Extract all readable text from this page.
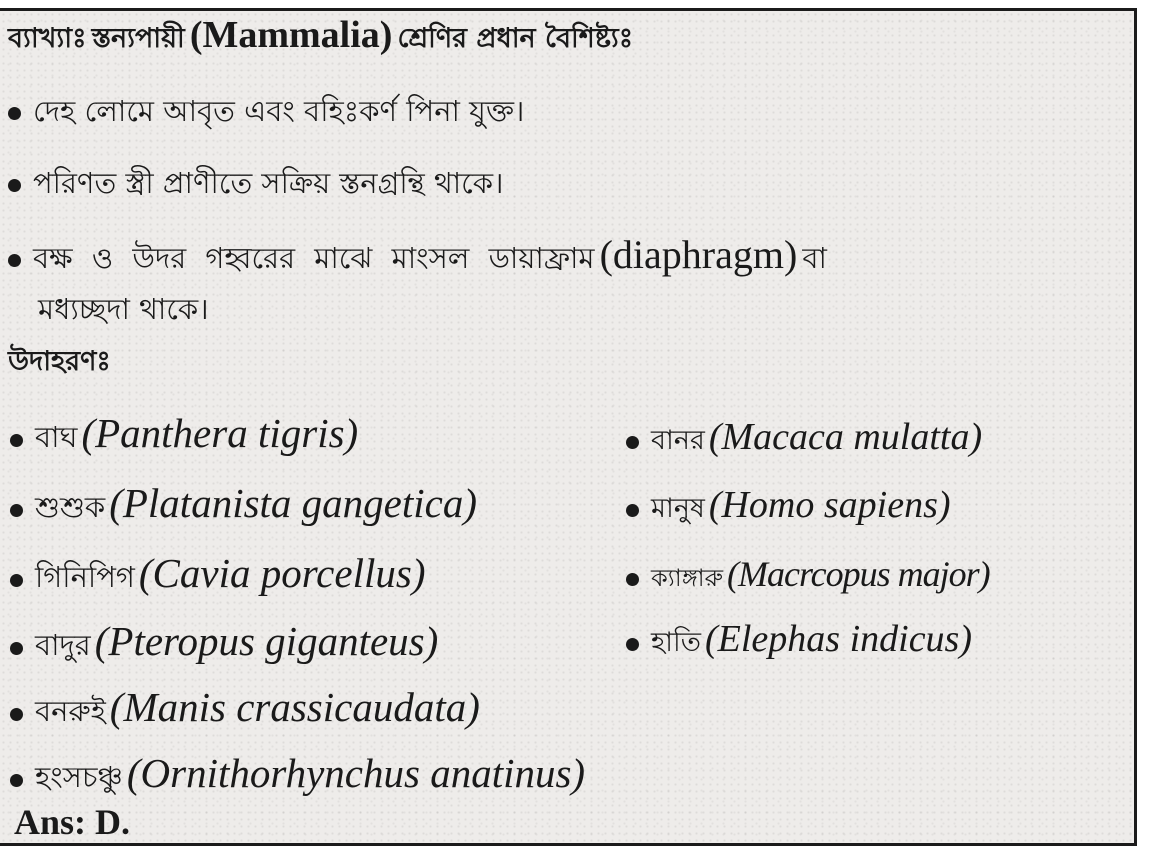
ব্যাখ্যাঃ স্তন্যপায়ী (Mammalia) শ্রেণির প্রধান বৈশিষ্ট্যঃ
দেহ লোমে আবৃত এবং বহিঃকর্ণ পিনা যুক্ত।
পরিণত স্ত্রী প্রাণীতে সক্রিয় স্তনগ্রন্থি থাকে।
বক্ষ ও উদর গহ্বরের মাঝে মাংসল ডায়াফ্রাম (diaphragm) বা
মধ্যচ্ছদা থাকে।
উদাহরণঃ
বাঘ (Panthera tigris)
শুশুক (Platanista gangetica)
গিনিপিগ (Cavia porcellus)
বাদুর (Pteropus giganteus)
বনরুই (Manis crassicaudata)
হংসচঞ্চু (Ornithorhynchus anatinus)
বানর (Macaca mulatta)
মানুষ (Homo sapiens)
ক্যাঙ্গারু (Macrcopus major)
হাতি (Elephas indicus)
Ans: D.
